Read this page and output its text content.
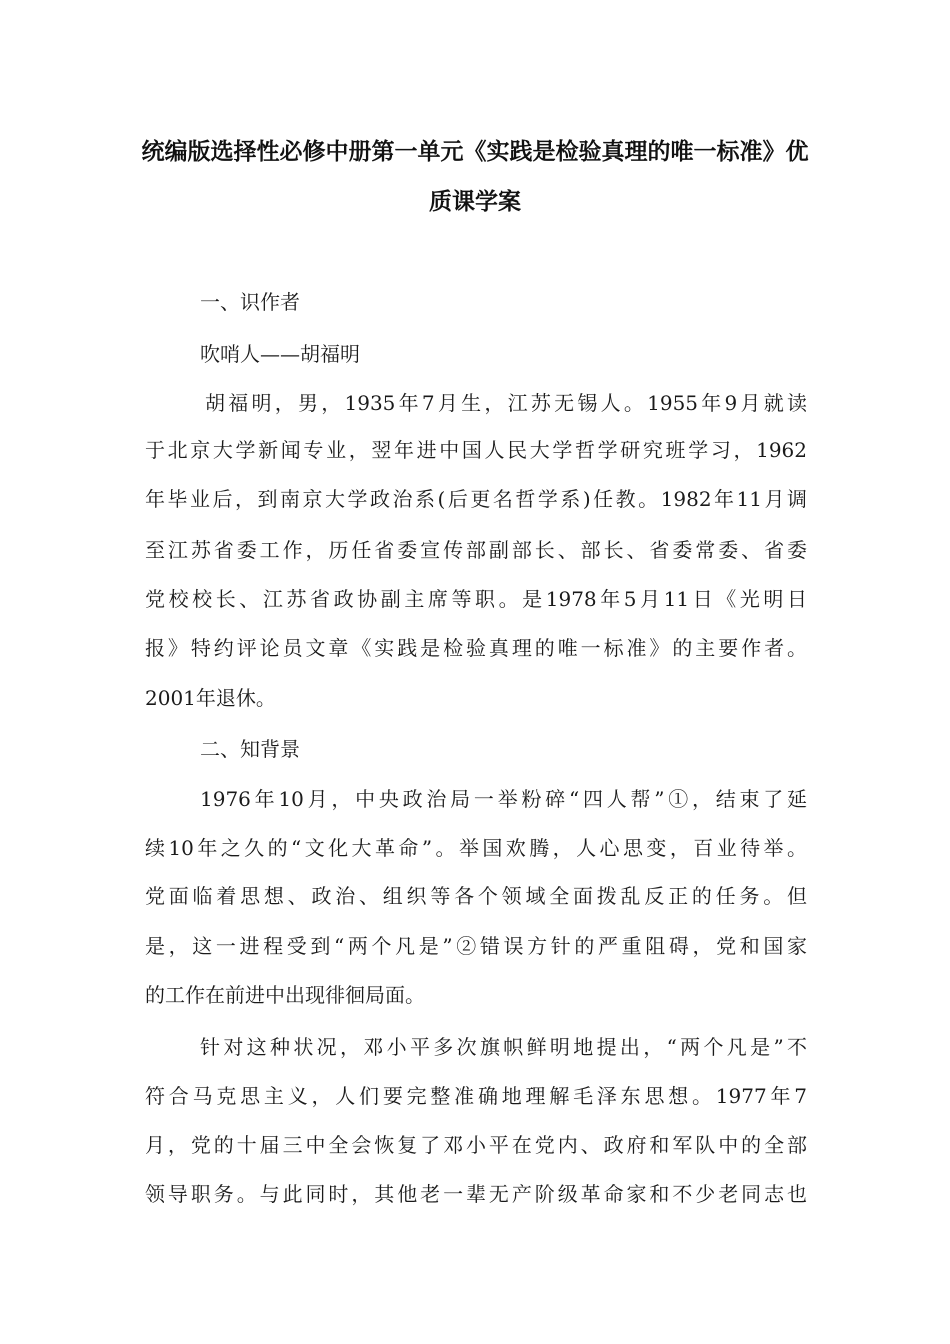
统编版选择性必修中册第一单元《实践是检验真理的唯一标准》优
质课学案
一、识作者
吹哨人——胡福明
胡福明，男，1935年7月生，江苏无锡人。1955年9月就读
于北京大学新闻专业，翌年进中国人民大学哲学研究班学习，1962
年毕业后，到南京大学政治系(后更名哲学系)任教。1982年11月调
至江苏省委工作，历任省委宣传部副部长、部长、省委常委、省委
党校校长、江苏省政协副主席等职。是1978年5月11日《光明日
报》特约评论员文章《实践是检验真理的唯一标准》的主要作者。
2001年退休。
二、知背景
1976年10月，中央政治局一举粉碎“四人帮”①，结束了延
续10年之久的“文化大革命”。举国欢腾，人心思变，百业待举。
党面临着思想、政治、组织等各个领域全面拨乱反正的任务。但
是，这一进程受到“两个凡是”②错误方针的严重阻碍，党和国家
的工作在前进中出现徘徊局面。
针对这种状况，邓小平多次旗帜鲜明地提出，“两个凡是”不
符合马克思主义，人们要完整准确地理解毛泽东思想。1977年7
月，党的十届三中全会恢复了邓小平在党内、政府和军队中的全部
领导职务。与此同时，其他老一辈无产阶级革命家和不少老同志也
